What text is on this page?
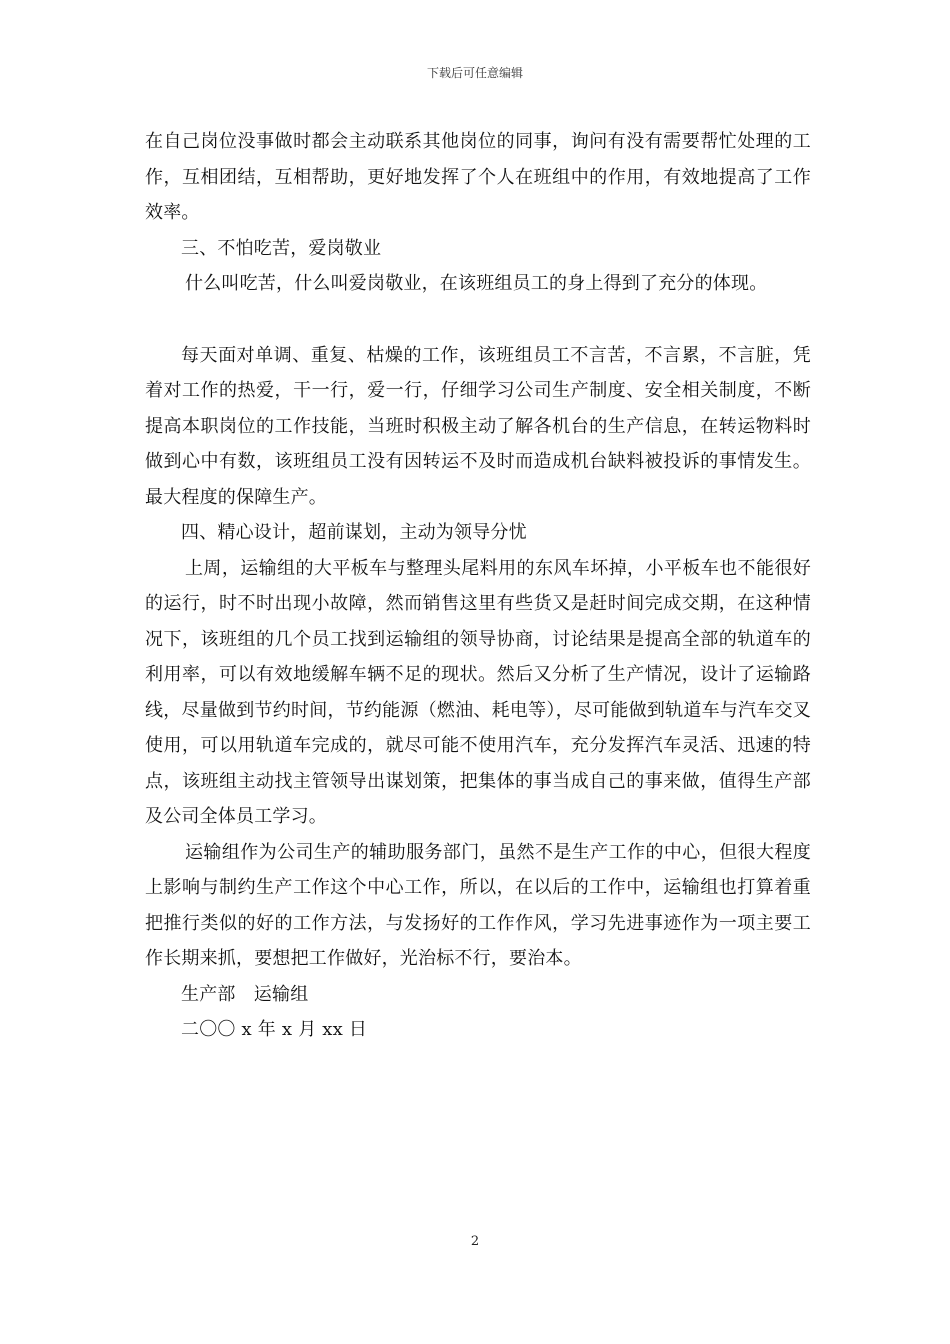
下载后可任意编辑

在自己岗位没事做时都会主动联系其他岗位的同事，询问有没有需要帮忙处理的工作，互相团结，互相帮助，更好地发挥了个人在班组中的作用，有效地提高了工作效率。

三、不怕吃苦，爱岗敬业

什么叫吃苦，什么叫爱岗敬业，在该班组员工的身上得到了充分的体现。

每天面对单调、重复、枯燥的工作，该班组员工不言苦，不言累，不言脏，凭着对工作的热爱，干一行，爱一行，仔细学习公司生产制度、安全相关制度，不断提高本职岗位的工作技能，当班时积极主动了解各机台的生产信息，在转运物料时做到心中有数，该班组员工没有因转运不及时而造成机台缺料被投诉的事情发生。最大程度的保障生产。

四、精心设计，超前谋划，主动为领导分忧

上周，运输组的大平板车与整理头尾料用的东风车坏掉，小平板车也不能很好的运行，时不时出现小故障，然而销售这里有些货又是赶时间完成交期，在这种情况下，该班组的几个员工找到运输组的领导协商，讨论结果是提高全部的轨道车的利用率，可以有效地缓解车辆不足的现状。然后又分析了生产情况，设计了运输路线，尽量做到节约时间，节约能源（燃油、耗电等），尽可能做到轨道车与汽车交叉使用，可以用轨道车完成的，就尽可能不使用汽车，充分发挥汽车灵活、迅速的特点，该班组主动找主管领导出谋划策，把集体的事当成自己的事来做，值得生产部及公司全体员工学习。

运输组作为公司生产的辅助服务部门，虽然不是生产工作的中心，但很大程度上影响与制约生产工作这个中心工作，所以，在以后的工作中，运输组也打算着重把推行类似的好的工作方法，与发扬好的工作作风，学习先进事迹作为一项主要工作长期来抓，要想把工作做好，光治标不行，要治本。

生产部　运输组

二〇〇 x 年 x 月 xx 日

2
